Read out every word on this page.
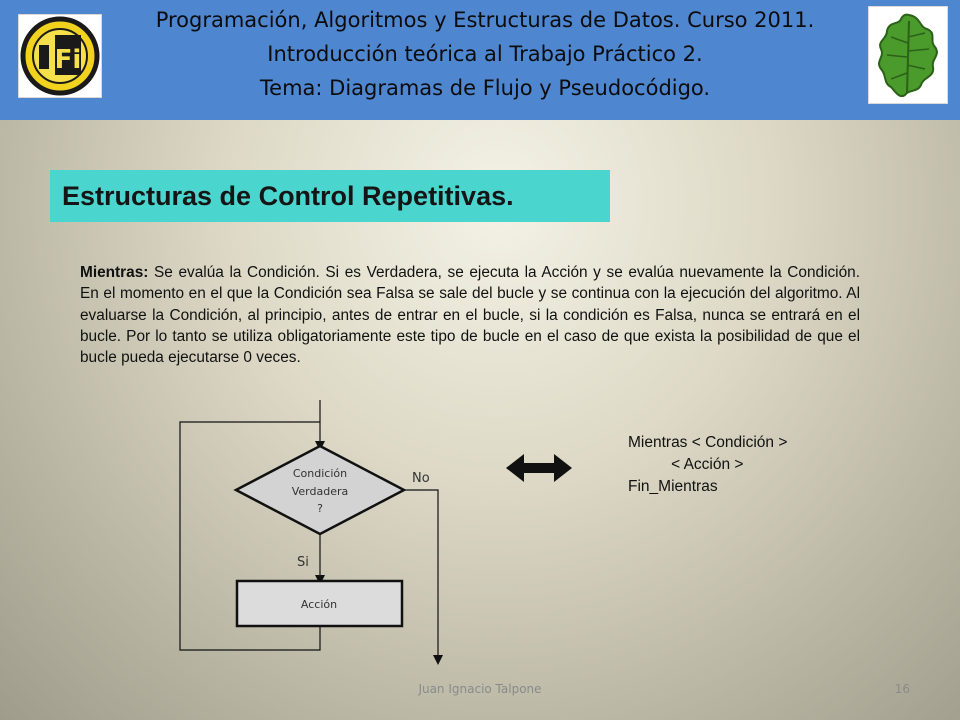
Fi
Programación, Algoritmos y Estructuras de Datos. Curso 2011.
Introducción teórica al Trabajo Práctico 2.
Tema: Diagramas de Flujo y Pseudocódigo.
Estructuras de Control Repetitivas.
Mientras: Se evalúa la Condición. Si es Verdadera, se ejecuta la Acción y se evalúa nuevamente la Condición. En el momento en el que la Condición sea Falsa se sale del bucle y se continua con la ejecución del algoritmo. Al evaluarse la Condición, al principio, antes de entrar en el bucle, si la condición es Falsa, nunca se entrará en el bucle. Por lo tanto se utiliza obligatoriamente este tipo de bucle en el caso de que exista la posibilidad de que el bucle pueda ejecutarse 0 veces.
Condición
Verdadera
?
No
Si
Acción
Mientras < Condición >
< Acción >
Fin_Mientras
Juan Ignacio Talpone	16
